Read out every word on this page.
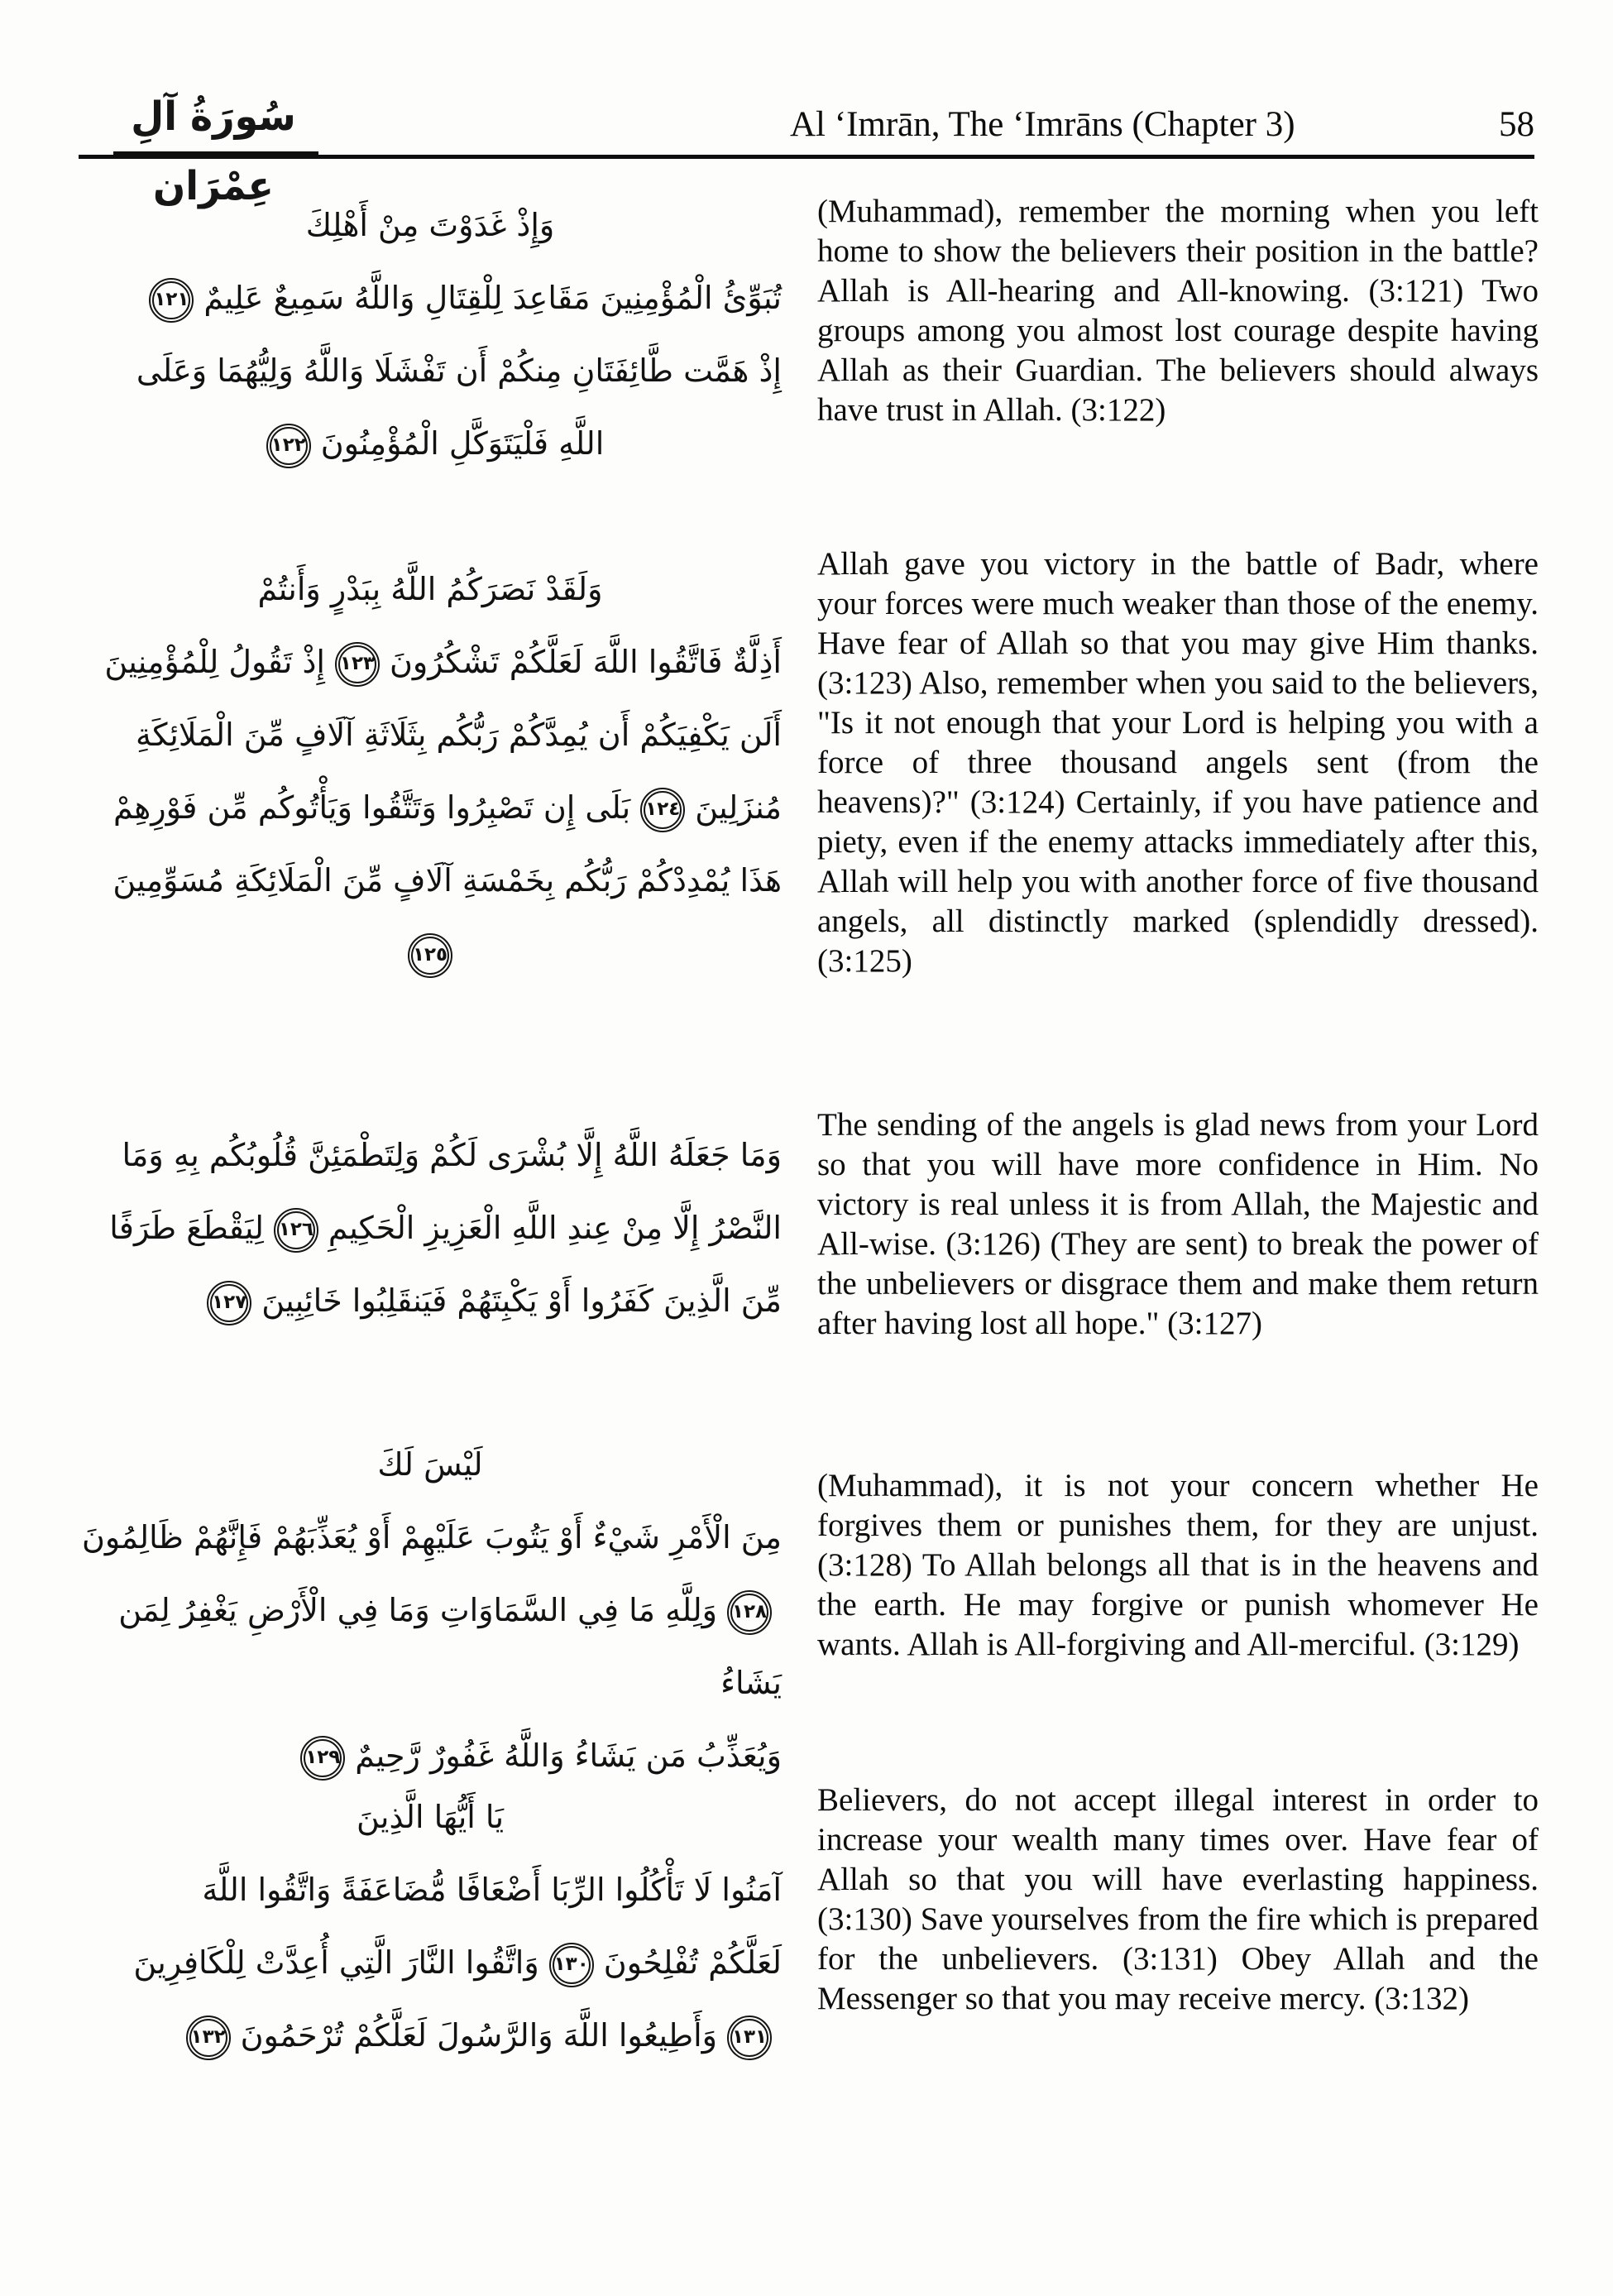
سُورَةُ آلِ عِمْرَان
Al ‘Imrān, The ‘Imrāns (Chapter 3)	58
وَإِذْ غَدَوْتَ مِنْ أَهْلِكَ
تُبَوِّئُ الْمُؤْمِنِينَ مَقَاعِدَ لِلْقِتَالِ وَاللَّهُ سَمِيعٌ عَلِيمٌ١٢١
إِذْ هَمَّت طَّائِفَتَانِ مِنكُمْ أَن تَفْشَلَا وَاللَّهُ وَلِيُّهُمَا وَعَلَى
اللَّهِ فَلْيَتَوَكَّلِ الْمُؤْمِنُونَ١٢٢
وَلَقَدْ نَصَرَكُمُ اللَّهُ بِبَدْرٍ وَأَنتُمْ
أَذِلَّةٌ فَاتَّقُوا اللَّهَ لَعَلَّكُمْ تَشْكُرُونَ١٢٣إِذْ تَقُولُ لِلْمُؤْمِنِينَ
أَلَن يَكْفِيَكُمْ أَن يُمِدَّكُمْ رَبُّكُم بِثَلَاثَةِ آلَافٍ مِّنَ الْمَلَائِكَةِ
مُنزَلِينَ١٢٤بَلَى إِن تَصْبِرُوا وَتَتَّقُوا وَيَأْتُوكُم مِّن فَوْرِهِمْ
هَذَا يُمْدِدْكُمْ رَبُّكُم بِخَمْسَةِ آلَافٍ مِّنَ الْمَلَائِكَةِ مُسَوِّمِينَ
١٢٥
وَمَا جَعَلَهُ اللَّهُ إِلَّا بُشْرَى لَكُمْ وَلِتَطْمَئِنَّ قُلُوبُكُم بِهِ وَمَا
النَّصْرُ إِلَّا مِنْ عِندِ اللَّهِ الْعَزِيزِ الْحَكِيمِ١٢٦لِيَقْطَعَ طَرَفًا
مِّنَ الَّذِينَ كَفَرُوا أَوْ يَكْبِتَهُمْ فَيَنقَلِبُوا خَائِبِينَ١٢٧
لَيْسَ لَكَ
مِنَ الْأَمْرِ شَيْءٌ أَوْ يَتُوبَ عَلَيْهِمْ أَوْ يُعَذِّبَهُمْ فَإِنَّهُمْ ظَالِمُونَ
١٢٨وَلِلَّهِ مَا فِي السَّمَاوَاتِ وَمَا فِي الْأَرْضِ يَغْفِرُ لِمَن يَشَاءُ
وَيُعَذِّبُ مَن يَشَاءُ وَاللَّهُ غَفُورٌ رَّحِيمٌ١٢٩
يَا أَيُّهَا الَّذِينَ
آمَنُوا لَا تَأْكُلُوا الرِّبَا أَضْعَافًا مُّضَاعَفَةً وَاتَّقُوا اللَّهَ
لَعَلَّكُمْ تُفْلِحُونَ١٣٠وَاتَّقُوا النَّارَ الَّتِي أُعِدَّتْ لِلْكَافِرِينَ
١٣١وَأَطِيعُوا اللَّهَ وَالرَّسُولَ لَعَلَّكُمْ تُرْحَمُونَ١٣٢

(Muhammad), remember the morning when you left home to show the believers their position in the battle? Allah is All-hearing and All-knowing. (3:121) Two groups among you almost lost courage despite having Allah as their Guardian. The believers should always have trust in Allah. (3:122)

Allah gave you victory in the battle of Badr, where your forces were much weaker than those of the enemy. Have fear of Allah so that you may give Him thanks. (3:123) Also, remember when you said to the believers, "Is it not enough that your Lord is helping you with a force of three thousand angels sent (from the heavens)?" (3:124) Certainly, if you have patience and piety, even if the enemy attacks immediately after this, Allah will help you with another force of five thousand angels, all distinctly marked (splendidly dressed). (3:125)

The sending of the angels is glad news from your Lord so that you will have more confidence in Him. No victory is real unless it is from Allah, the Majestic and All-wise. (3:126) (They are sent) to break the power of the unbelievers or disgrace them and make them return after having lost all hope." (3:127)

(Muhammad), it is not your concern whether He forgives them or punishes them, for they are unjust. (3:128) To Allah belongs all that is in the heavens and the earth. He may forgive or punish whomever He wants. Allah is All-forgiving and All-merciful. (3:129)

Believers, do not accept illegal interest in order to increase your wealth many times over. Have fear of Allah so that you will have everlasting happiness. (3:130) Save yourselves from the fire which is prepared for the unbelievers. (3:131) Obey Allah and the Messenger so that you may receive mercy. (3:132)
